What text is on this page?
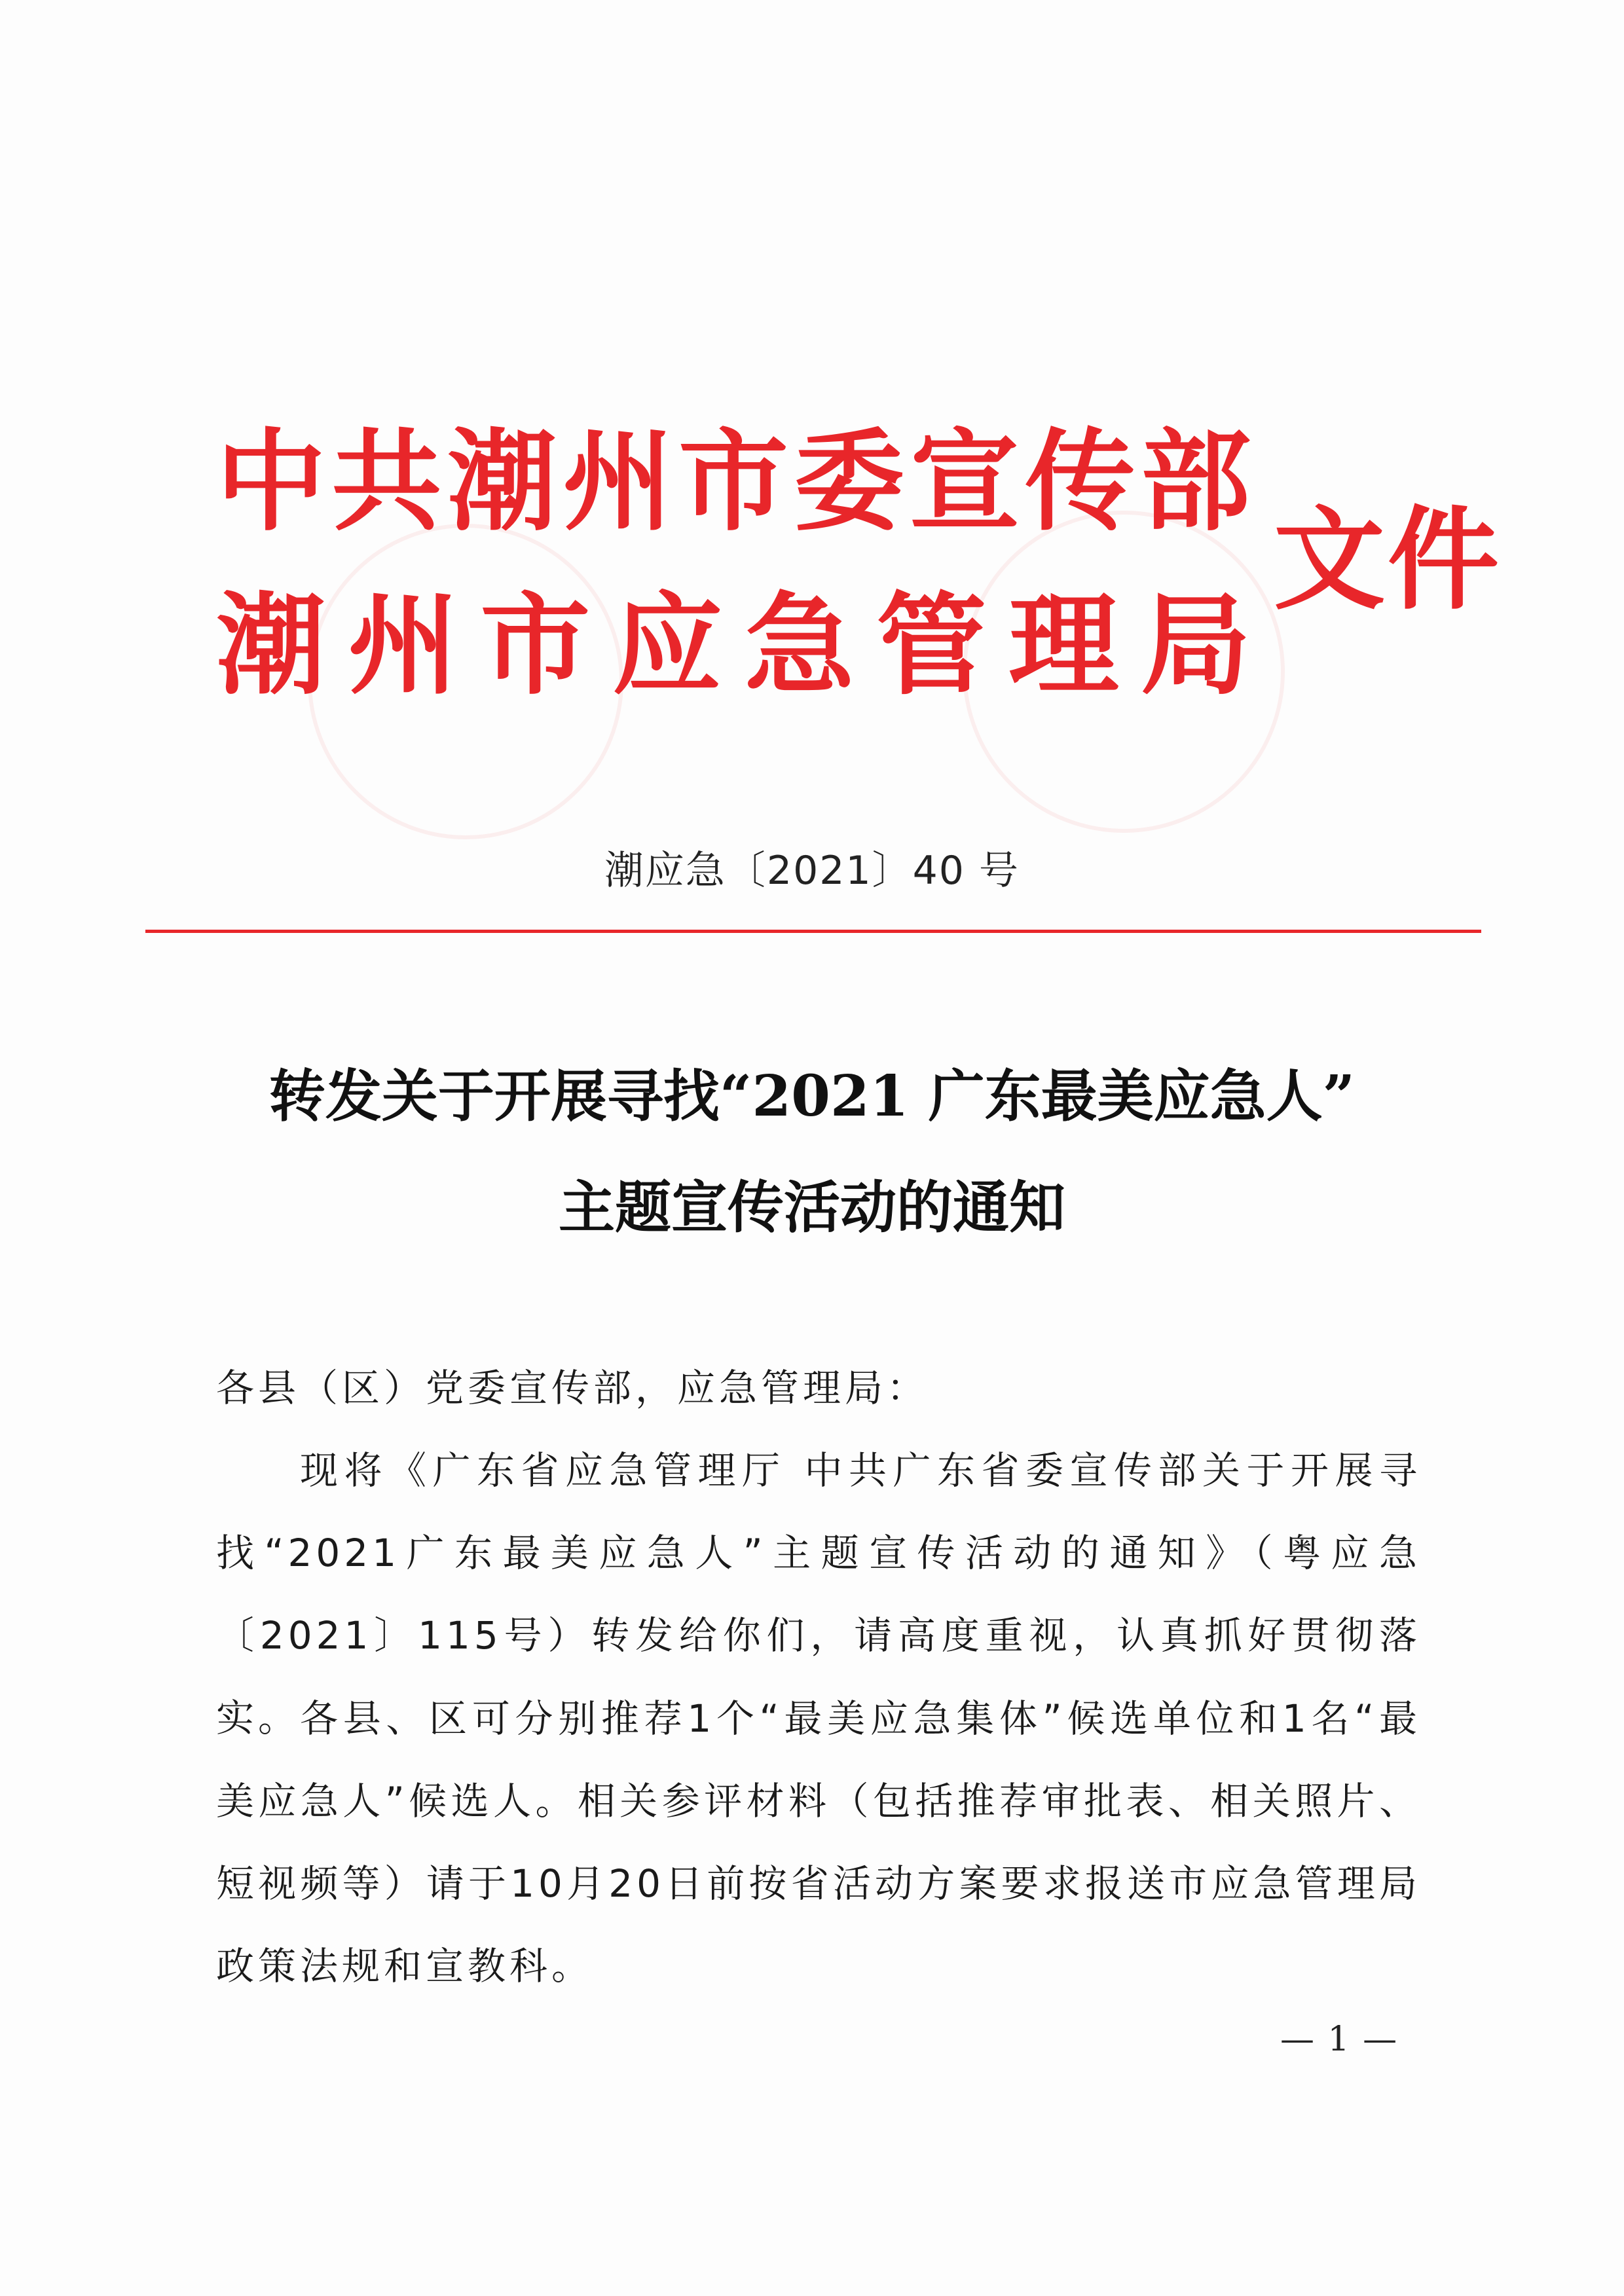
中 共 潮 州 市 委 宣 传 部
潮 州 市 应 急 管 理 局
文件
潮应急〔2021〕40 号
转发关于开展寻找“2021 广东最美应急人”
主题宣传活动的通知
各县（区）党委宣传部，应急管理局：
现将《广东省应急管理厅 中共广东省委宣传部关于开展寻找“2021广东最美应急人”主题宣传活动的通知》（粤应急〔2021〕115号）转发给你们，请高度重视，认真抓好贯彻落实。 各县、区可分别推荐1个“最美应急集体”候选单位和1名“最美应急人”候选人。相关参评材料（包括推荐审批表、相关照片、短视频等）请于10月20日前按省活动方案要求报送市应急管理局政策法规和宣教科。
— 1 —
